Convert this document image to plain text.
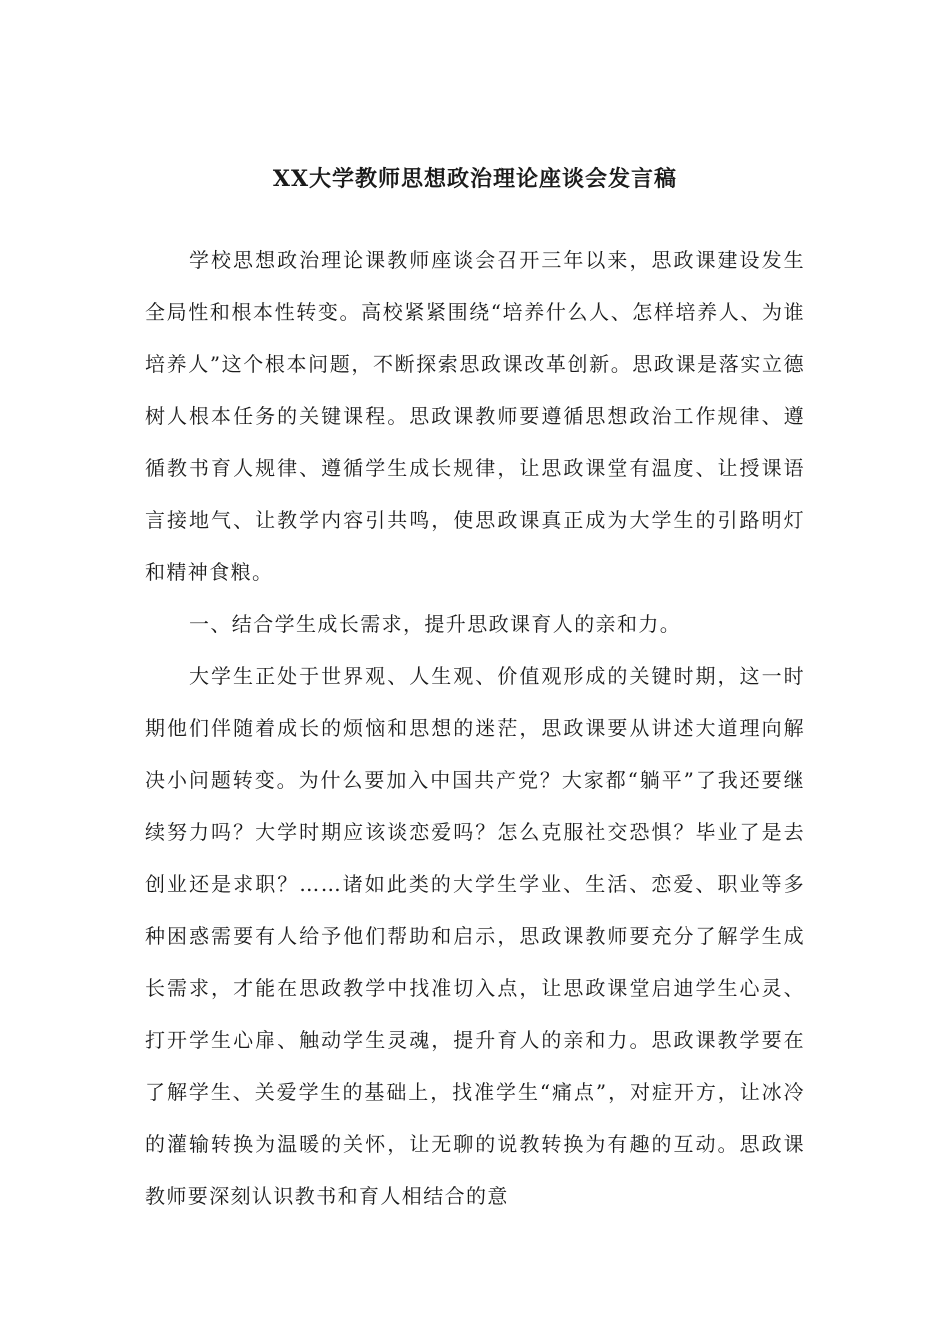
XX大学教师思想政治理论座谈会发言稿

学校思想政治理论课教师座谈会召开三年以来，思政课建设发生全局性和根本性转变。高校紧紧围绕“培养什么人、怎样培养人、为谁培养人”这个根本问题，不断探索思政课改革创新。思政课是落实立德树人根本任务的关键课程。思政课教师要遵循思想政治工作规律、遵循教书育人规律、遵循学生成长规律，让思政课堂有温度、让授课语言接地气、让教学内容引共鸣，使思政课真正成为大学生的引路明灯和精神食粮。

一、结合学生成长需求，提升思政课育人的亲和力。

大学生正处于世界观、人生观、价值观形成的关键时期，这一时期他们伴随着成长的烦恼和思想的迷茫，思政课要从讲述大道理向解决小问题转变。为什么要加入中国共产党？大家都“躺平”了我还要继续努力吗？大学时期应该谈恋爱吗？怎么克服社交恐惧？毕业了是去创业还是求职？……诸如此类的大学生学业、生活、恋爱、职业等多种困惑需要有人给予他们帮助和启示，思政课教师要充分了解学生成长需求，才能在思政教学中找准切入点，让思政课堂启迪学生心灵、打开学生心扉、触动学生灵魂，提升育人的亲和力。思政课教学要在了解学生、关爱学生的基础上，找准学生“痛点”，对症开方，让冰冷的灌输转换为温暖的关怀，让无聊的说教转换为有趣的互动。思政课教师要深刻认识教书和育人相结合的意
